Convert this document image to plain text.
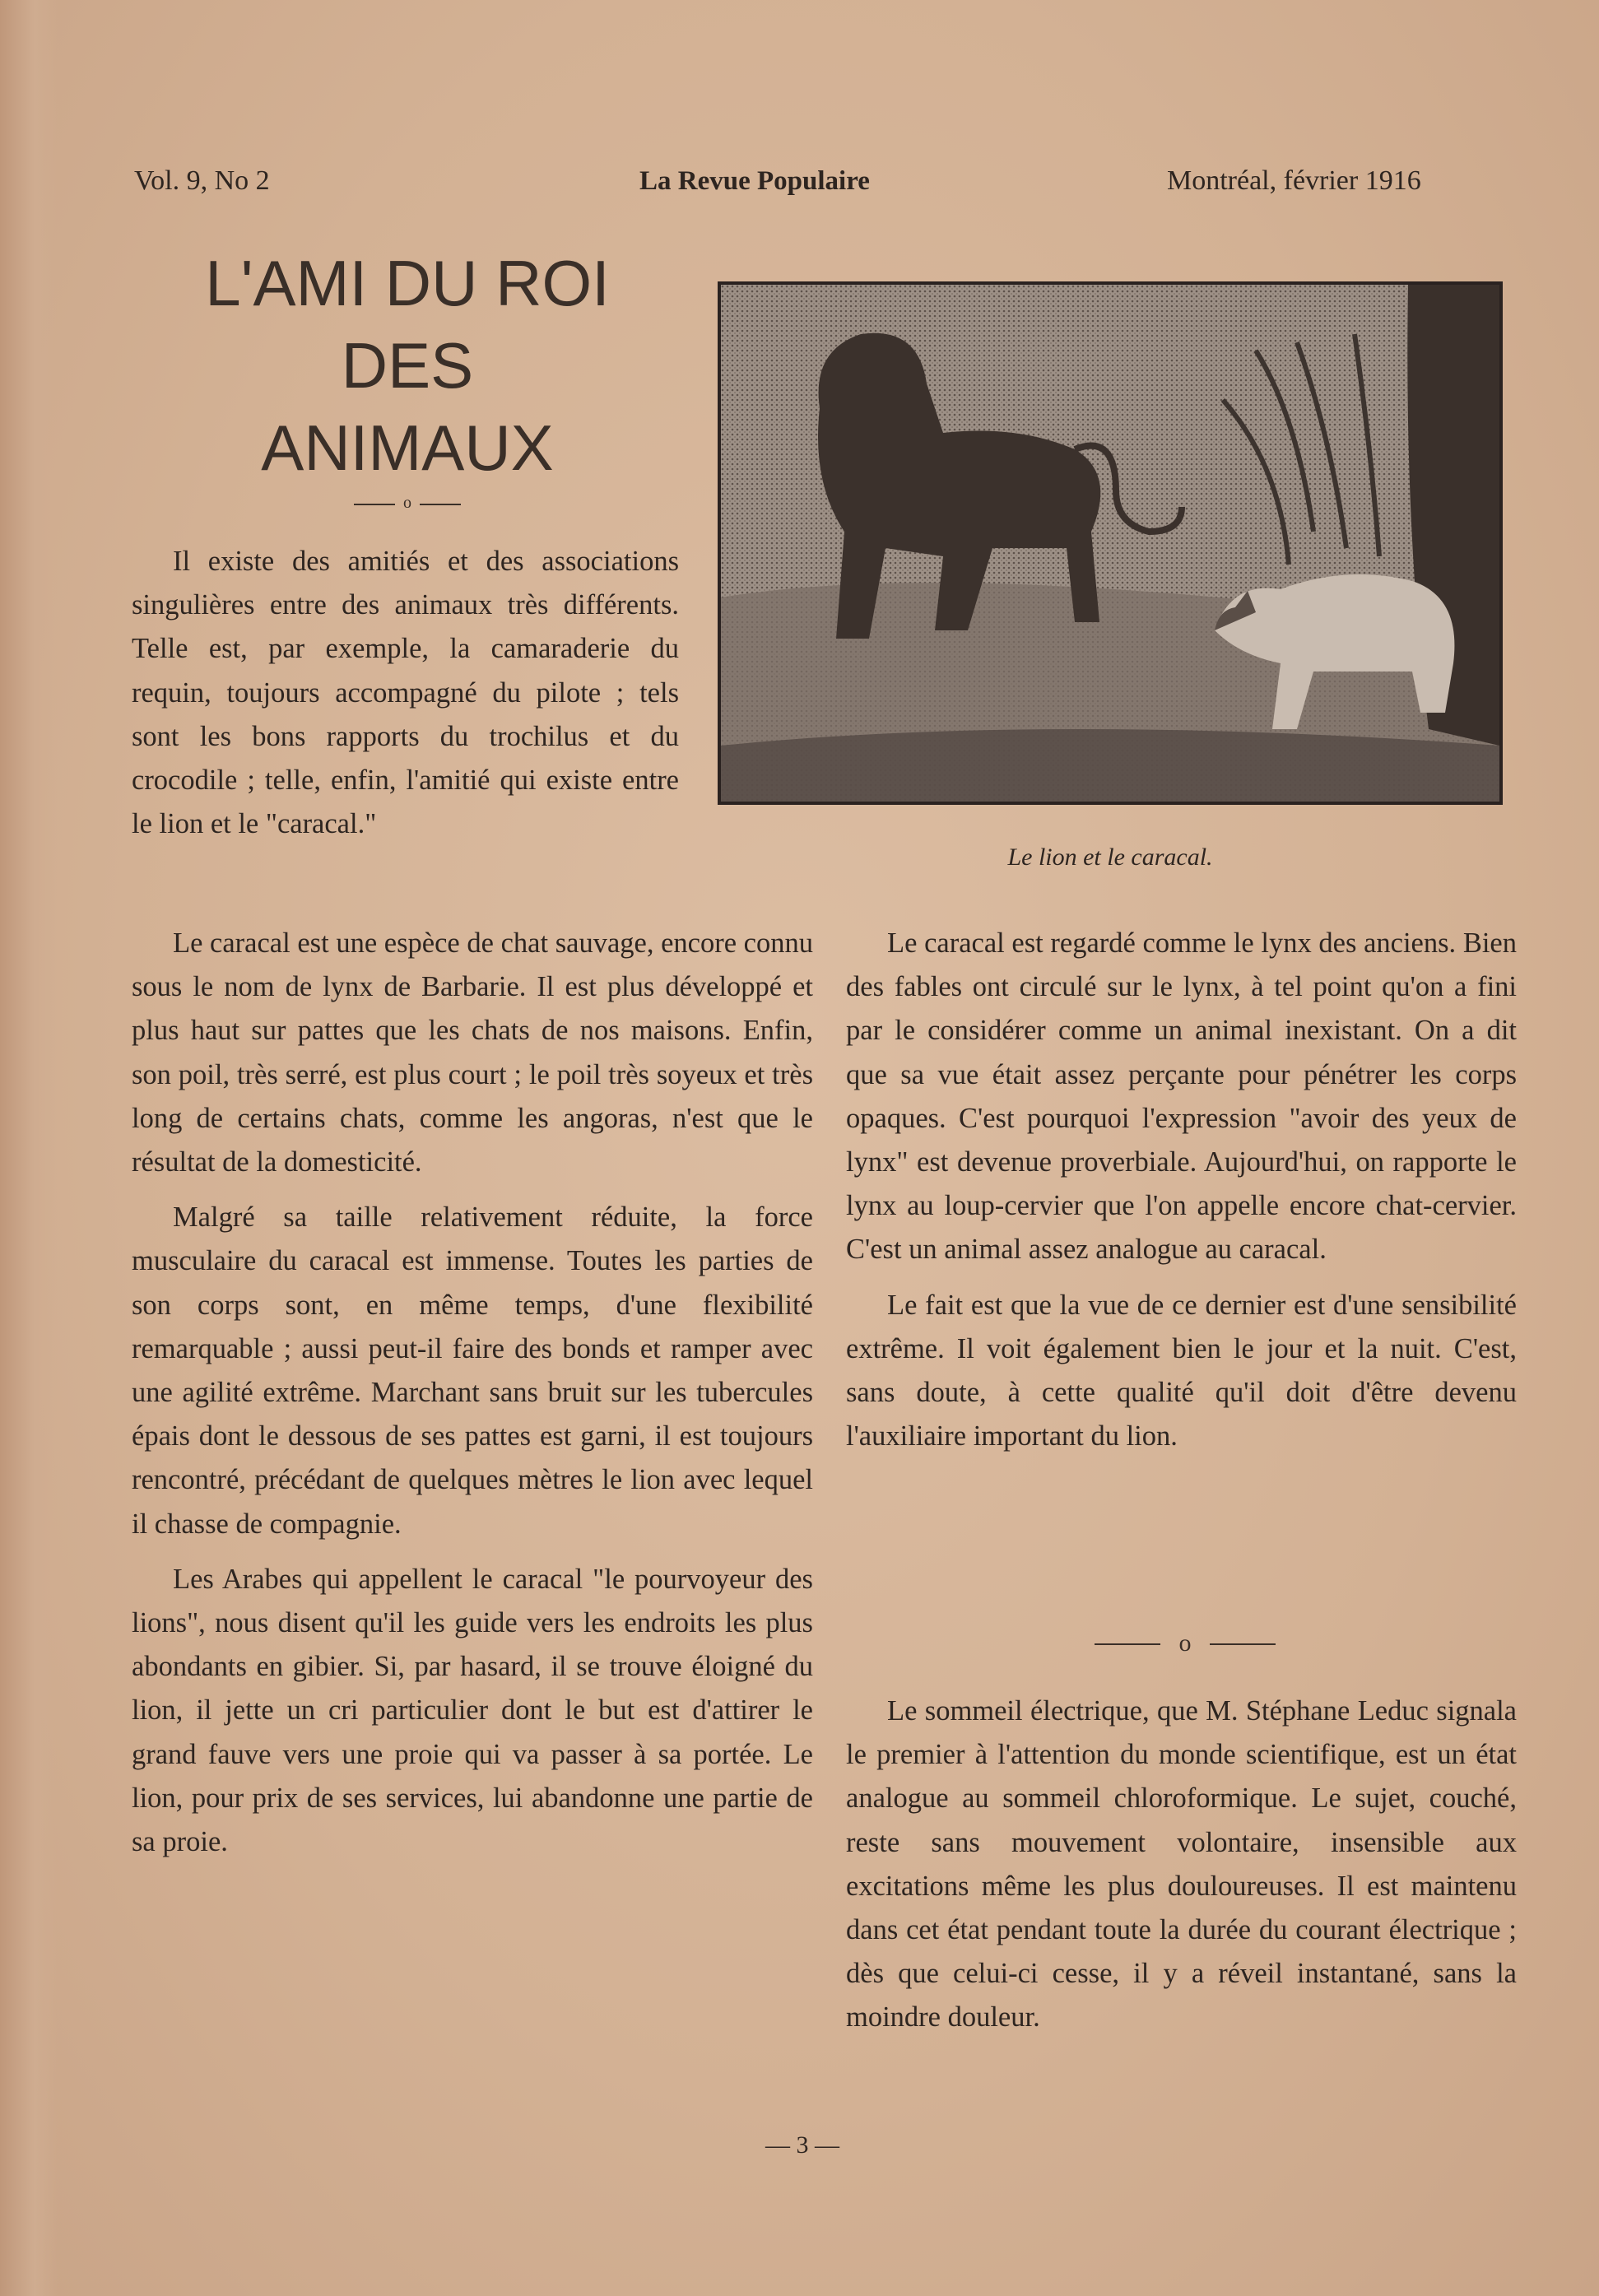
Vol. 9, No 2	La Revue Populaire	Montréal, février 1916
L'AMI DU ROI
DES
ANIMAUX
o

Il existe des amitiés et des associations singulières entre des animaux très différents. Telle est, par exemple, la camaraderie du requin, toujours accompagné du pilote ; tels sont les bons rapports du trochilus et du crocodile ; telle, enfin, l'amitié qui existe entre le lion et le "caracal."

Le lion et le caracal.

Le caracal est une espèce de chat sauvage, encore connu sous le nom de lynx de Barbarie. Il est plus développé et plus haut sur pattes que les chats de nos maisons. Enfin, son poil, très serré, est plus court ; le poil très soyeux et très long de certains chats, comme les angoras, n'est que le résultat de la domesticité.

Malgré sa taille relativement réduite, la force musculaire du caracal est immense. Toutes les parties de son corps sont, en même temps, d'une flexibilité remarquable ; aussi peut-il faire des bonds et ramper avec une agilité extrême. Marchant sans bruit sur les tubercules épais dont le dessous de ses pattes est garni, il est toujours rencontré, précédant de quelques mètres le lion avec lequel il chasse de compagnie.

Les Arabes qui appellent le caracal "le pourvoyeur des lions", nous disent qu'il les guide vers les endroits les plus abondants en gibier. Si, par hasard, il se trouve éloigné du lion, il jette un cri particulier dont le but est d'attirer le grand fauve vers une proie qui va passer à sa portée. Le lion, pour prix de ses services, lui abandonne une partie de sa proie.

Le caracal est regardé comme le lynx des anciens. Bien des fables ont circulé sur le lynx, à tel point qu'on a fini par le considérer comme un animal inexistant. On a dit que sa vue était assez perçante pour pénétrer les corps opaques. C'est pourquoi l'expression "avoir des yeux de lynx" est devenue proverbiale. Aujourd'hui, on rapporte le lynx au loup-cervier que l'on appelle encore chat-cervier. C'est un animal assez analogue au caracal.

Le fait est que la vue de ce dernier est d'une sensibilité extrême. Il voit également bien le jour et la nuit. C'est, sans doute, à cette qualité qu'il doit d'être devenu l'auxiliaire important du lion.

o

Le sommeil électrique, que M. Stéphane Leduc signala le premier à l'attention du monde scientifique, est un état analogue au sommeil chloroformique. Le sujet, couché, reste sans mouvement volontaire, insensible aux excitations même les plus douloureuses. Il est maintenu dans cet état pendant toute la durée du courant électrique ; dès que celui-ci cesse, il y a réveil instantané, sans la moindre douleur.

— 3 —
